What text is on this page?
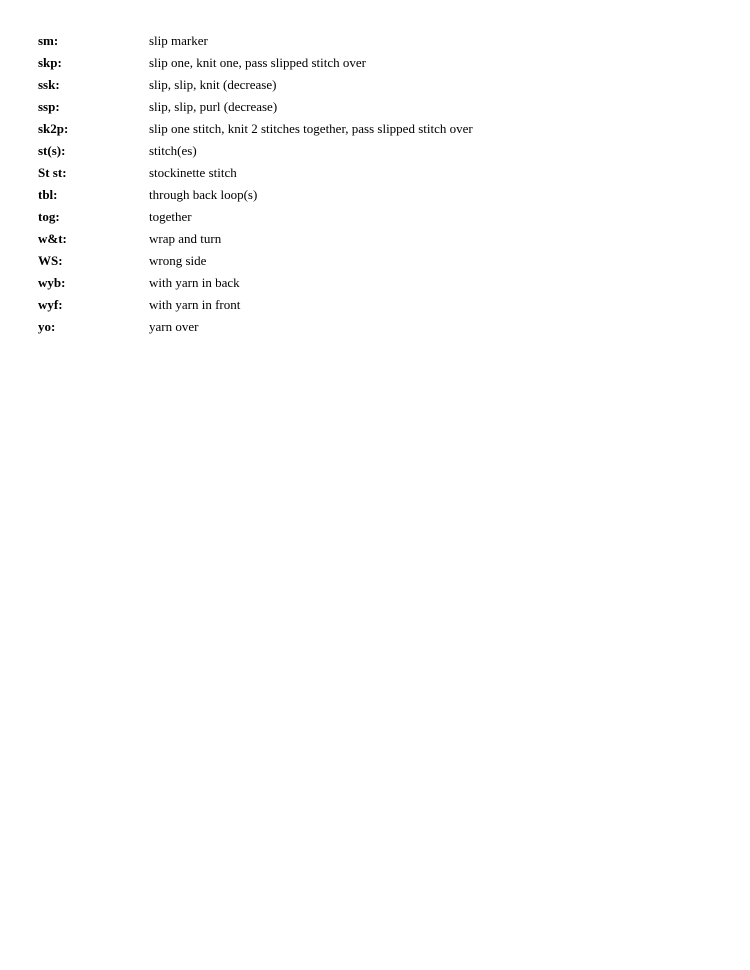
sm:	slip marker
skp:	slip one, knit one, pass slipped stitch over
ssk:	slip, slip, knit (decrease)
ssp:	slip, slip, purl (decrease)
sk2p:	slip one stitch, knit 2 stitches together, pass slipped stitch over
st(s):	stitch(es)
St st:	stockinette stitch
tbl:	through back loop(s)
tog:	together
w&t:	wrap and turn
WS:	wrong side
wyb:	with yarn in back
wyf:	with yarn in front
yo:	yarn over
